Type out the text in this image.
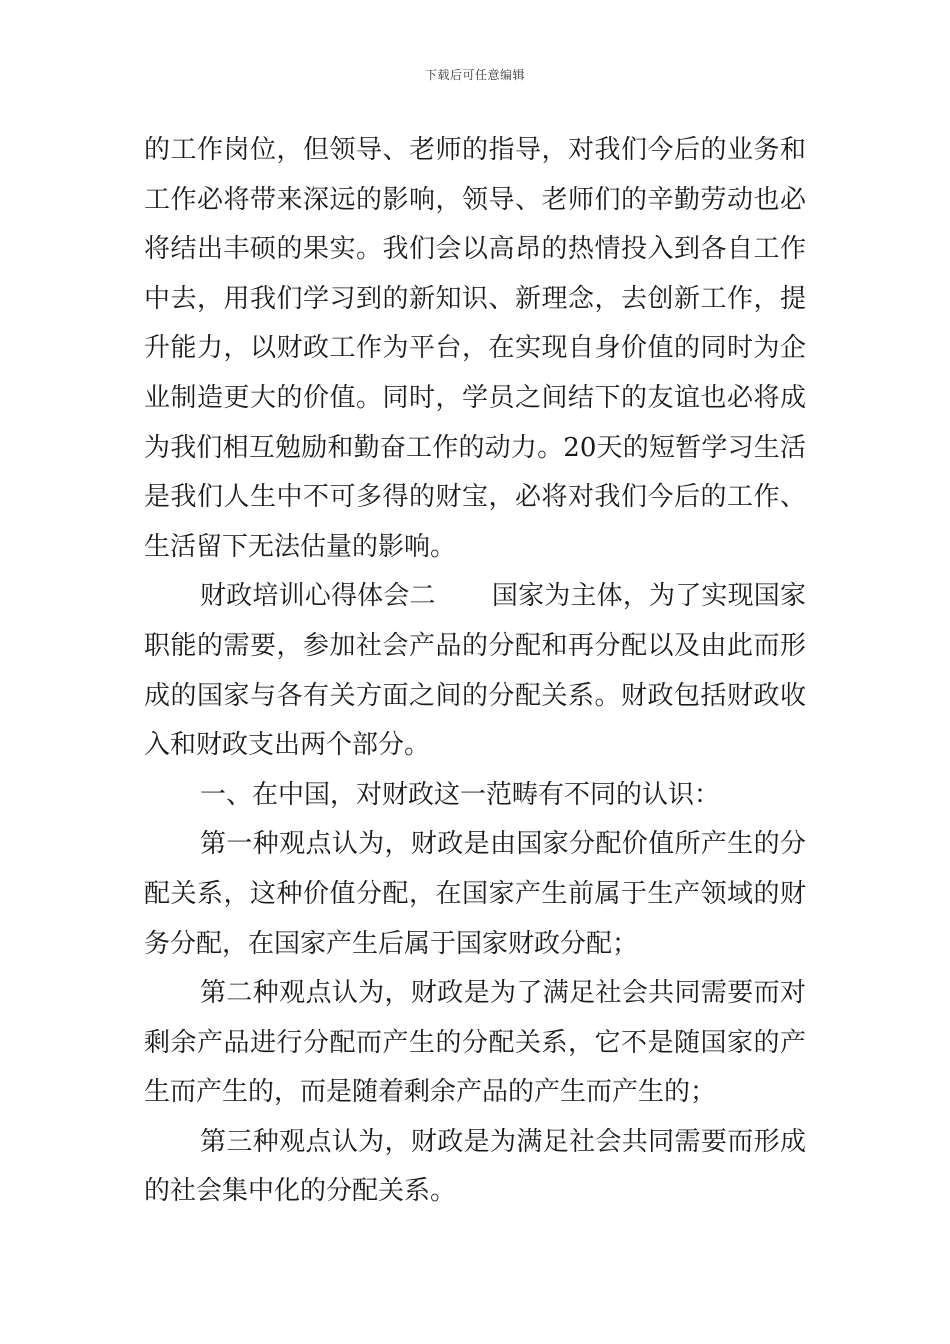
下载后可任意编辑
的工作岗位，但领导、老师的指导，对我们今后的业务和
工作必将带来深远的影响，领导、老师们的辛勤劳动也必
将结出丰硕的果实。我们会以高昂的热情投入到各自工作
中去，用我们学习到的新知识、新理念，去创新工作，提
升能力，以财政工作为平台，在实现自身价值的同时为企
业制造更大的价值。同时，学员之间结下的友谊也必将成
为我们相互勉励和勤奋工作的动力。20天的短暂学习生活
是我们人生中不可多得的财宝，必将对我们今后的工作、
生活留下无法估量的影响。
财政培训心得体会二 国家为主体，为了实现国家
职能的需要，参加社会产品的分配和再分配以及由此而形
成的国家与各有关方面之间的分配关系。财政包括财政收
入和财政支出两个部分。
一、在中国，对财政这一范畴有不同的认识：
第一种观点认为，财政是由国家分配价值所产生的分
配关系，这种价值分配，在国家产生前属于生产领域的财
务分配，在国家产生后属于国家财政分配；
第二种观点认为，财政是为了满足社会共同需要而对
剩余产品进行分配而产生的分配关系，它不是随国家的产
生而产生的，而是随着剩余产品的产生而产生的；
第三种观点认为，财政是为满足社会共同需要而形成
的社会集中化的分配关系。
